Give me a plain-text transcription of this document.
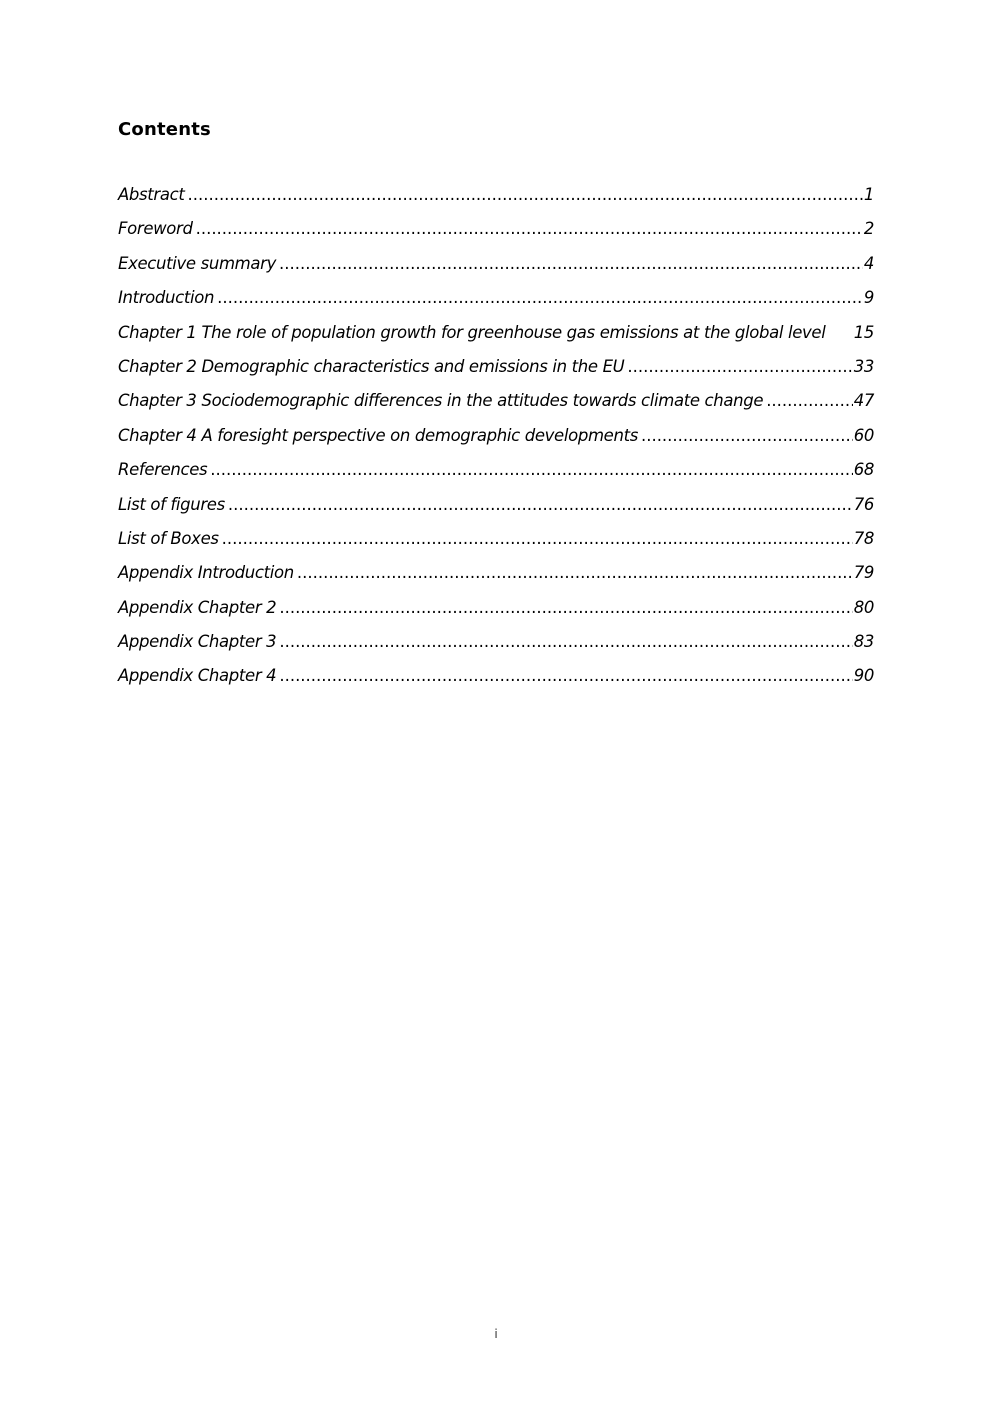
Contents
Abstract .....	1
Foreword .....	2
Executive summary .....	4
Introduction .....	9
Chapter 1 The role of population growth for greenhouse gas emissions at the global level 15
Chapter 2 Demographic characteristics and emissions in the EU .....	33
Chapter 3 Sociodemographic differences in the attitudes towards climate change .....	47
Chapter 4 A foresight perspective on demographic developments .....	60
References .....	68
List of figures .....	76
List of Boxes .....	78
Appendix Introduction .....	79
Appendix Chapter 2 .....	80
Appendix Chapter 3 .....	83
Appendix Chapter 4 .....	90
i
